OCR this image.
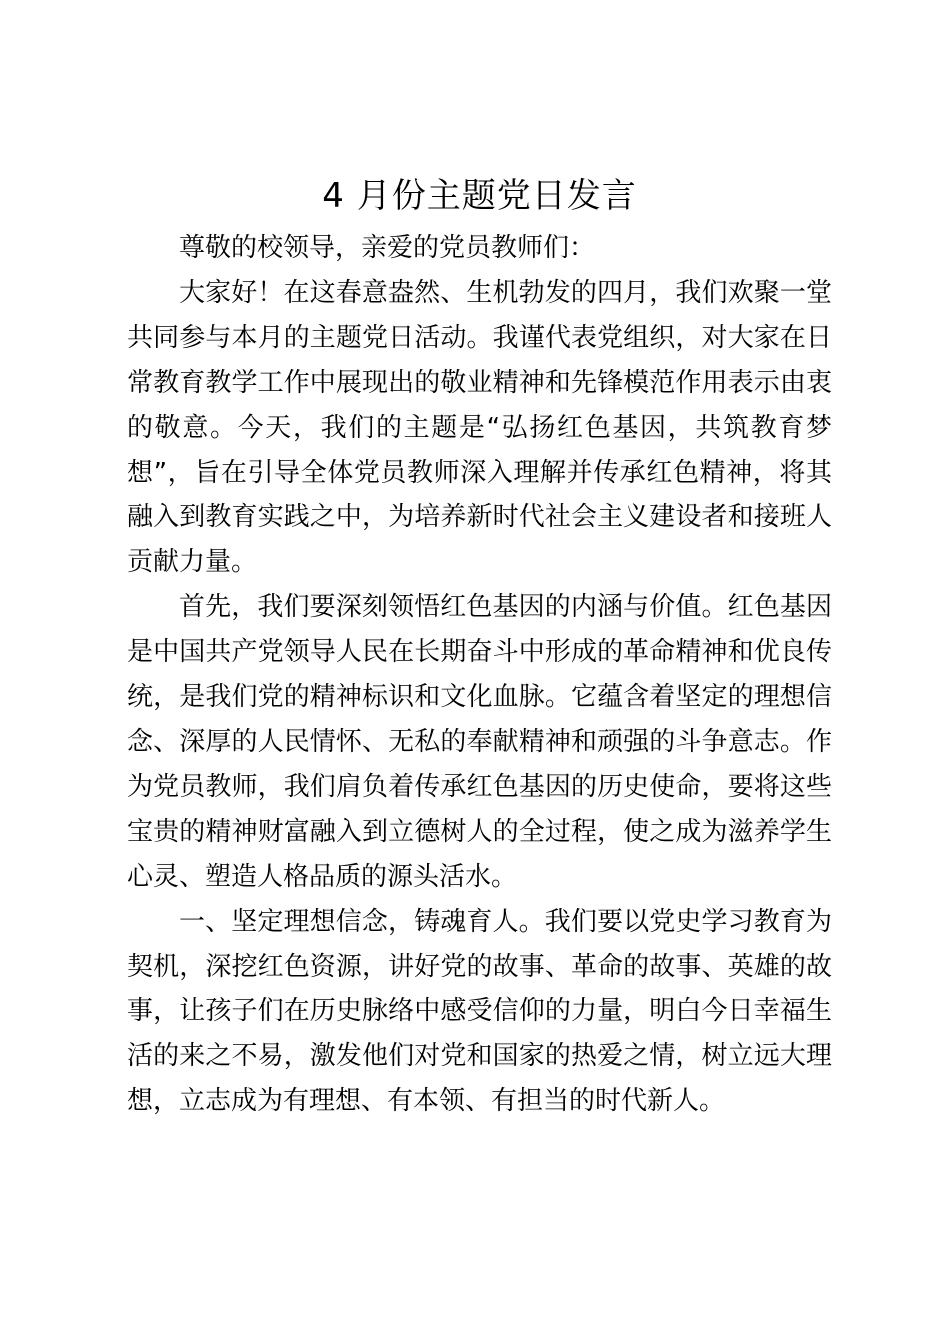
4 月份主题党日发言

尊敬的校领导，亲爱的党员教师们：

大家好！在这春意盎然、生机勃发的四月，我们欢聚一堂共同参与本月的主题党日活动。我谨代表党组织，对大家在日常教育教学工作中展现出的敬业精神和先锋模范作用表示由衷的敬意。今天，我们的主题是“弘扬红色基因，共筑教育梦想”，旨在引导全体党员教师深入理解并传承红色精神，将其融入到教育实践之中，为培养新时代社会主义建设者和接班人贡献力量。

首先，我们要深刻领悟红色基因的内涵与价值。红色基因是中国共产党领导人民在长期奋斗中形成的革命精神和优良传统，是我们党的精神标识和文化血脉。它蕴含着坚定的理想信念、深厚的人民情怀、无私的奉献精神和顽强的斗争意志。作为党员教师，我们肩负着传承红色基因的历史使命，要将这些宝贵的精神财富融入到立德树人的全过程，使之成为滋养学生心灵、塑造人格品质的源头活水。

一、坚定理想信念，铸魂育人。我们要以党史学习教育为契机，深挖红色资源，讲好党的故事、革命的故事、英雄的故事，让孩子们在历史脉络中感受信仰的力量，明白今日幸福生活的来之不易，激发他们对党和国家的热爱之情，树立远大理想，立志成为有理想、有本领、有担当的时代新人。
